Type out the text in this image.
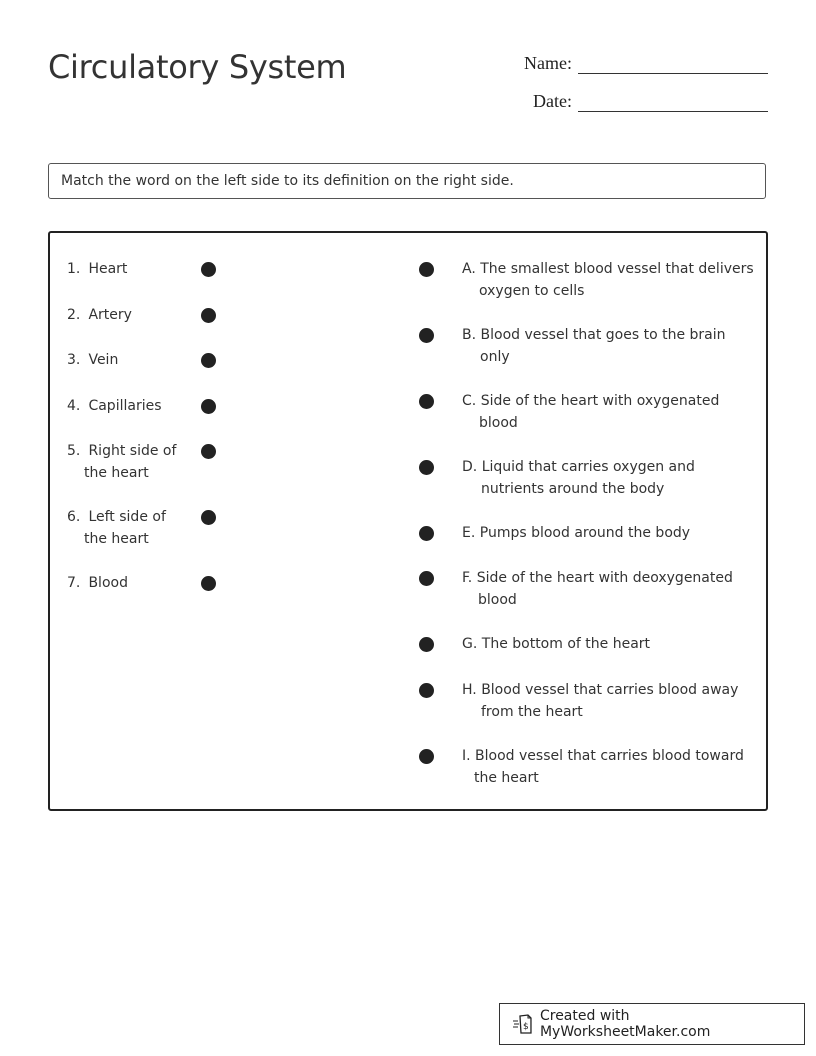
Circulatory System	Name:
Date:
Match the word on the left side to its definition on the right side.
1. Heart
2. Artery
3. Vein
4. Capillaries
5. Right side of
the heart
6. Left side of
the heart
7. Blood
A. The smallest blood vessel that delivers
oxygen to cells
B. Blood vessel that goes to the brain
only
C. Side of the heart with oxygenated
blood
D. Liquid that carries oxygen and
nutrients around the body
E. Pumps blood around the body
F. Side of the heart with deoxygenated
blood
G. The bottom of the heart
H. Blood vessel that carries blood away
from the heart
I. Blood vessel that carries blood toward
the heart
$
Created with MyWorksheetMaker.com
